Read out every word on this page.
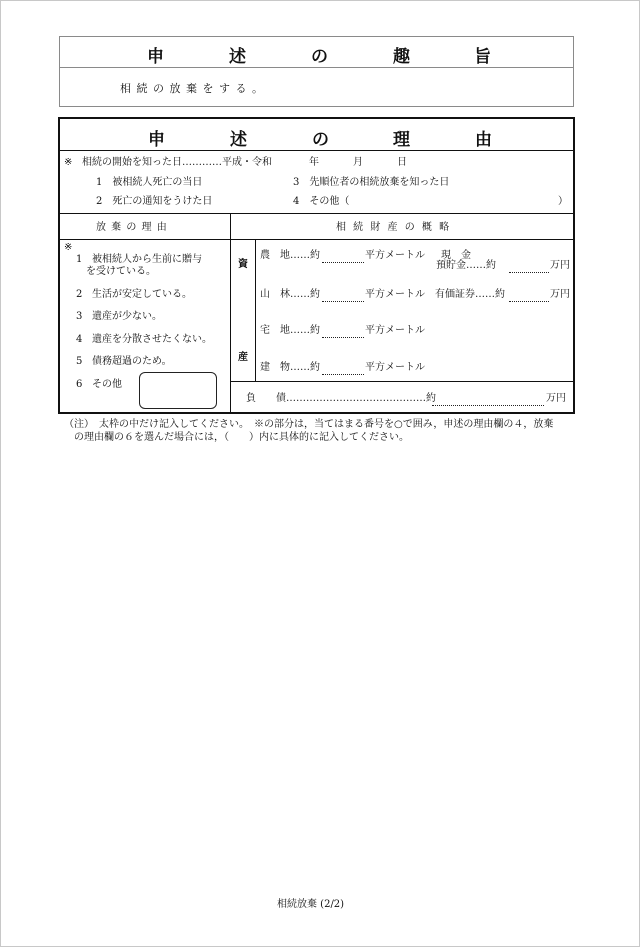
申	述	の	趣	旨
相 続 の 放 棄 を す る 。
申	述	の	理	由
※ 相続の開始を知った日…………平成・令和	年	月	日
1　被相続人死亡の当日
2　死亡の通知をうけた日
3　先順位者の相続放棄を知った日
4　その他（	）
放 棄 の 理 由	相 続 財 産 の 概 略
※
1 被相続人から生前に贈与
を受けている。
2 生活が安定している。
3 遺産が少ない。
4 遺産を分散させたくない。
5 債務超過のため。
6 その他
資
産
農　地……約	平方メートル
山　林……約	平方メートル
宅　地……約	平方メートル
建　物……約	平方メートル
現　金
預貯金……約	万円
有価証券……約	万円
負　　債……………………………………約	万円
（注）　太枠の中だけ記入してください。　※の部分は，当てはまる番号を○で囲み，申述の理由欄の４，放棄
　の理由欄の６を選んだ場合には，（　　）内に具体的に記入してください。
相続放棄 (2/2)
